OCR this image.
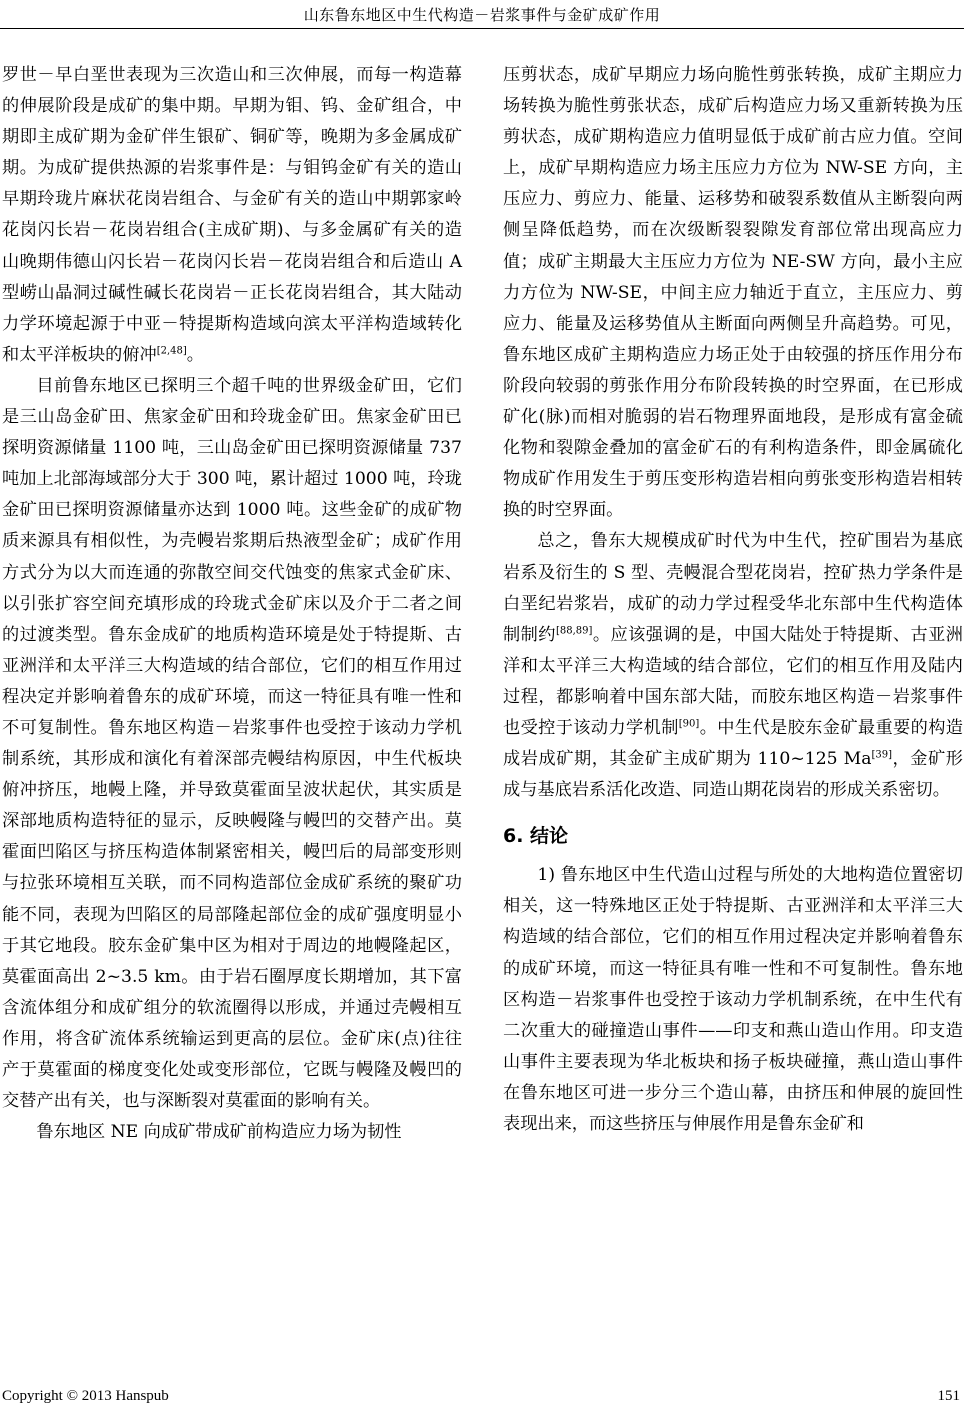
山东鲁东地区中生代构造－岩浆事件与金矿成矿作用

罗世－早白垩世表现为三次造山和三次伸展，而每一构造幕的伸展阶段是成矿的集中期。早期为钼、钨、金矿组合，中期即主成矿期为金矿伴生银矿、铜矿等，晚期为多金属成矿期。为成矿提供热源的岩浆事件是：与钼钨金矿有关的造山早期玲珑片麻状花岗岩组合、与金矿有关的造山中期郭家岭花岗闪长岩－花岗岩组合(主成矿期)、与多金属矿有关的造山晚期伟德山闪长岩－花岗闪长岩－花岗岩组合和后造山 A 型崂山晶洞过碱性碱长花岗岩－正长花岗岩组合，其大陆动力学环境起源于中亚－特提斯构造域向滨太平洋构造域转化和太平洋板块的俯冲[2,48]。

目前鲁东地区已探明三个超千吨的世界级金矿田，它们是三山岛金矿田、焦家金矿田和玲珑金矿田。焦家金矿田已探明资源储量 1100 吨，三山岛金矿田已探明资源储量 737 吨加上北部海域部分大于 300 吨，累计超过 1000 吨，玲珑金矿田已探明资源储量亦达到 1000 吨。这些金矿的成矿物质来源具有相似性，为壳幔岩浆期后热液型金矿；成矿作用方式分为以大而连通的弥散空间交代蚀变的焦家式金矿床、以引张扩容空间充填形成的玲珑式金矿床以及介于二者之间的过渡类型。鲁东金成矿的地质构造环境是处于特提斯、古亚洲洋和太平洋三大构造域的结合部位，它们的相互作用过程决定并影响着鲁东的成矿环境，而这一特征具有唯一性和不可复制性。鲁东地区构造－岩浆事件也受控于该动力学机制系统，其形成和演化有着深部壳幔结构原因，中生代板块俯冲挤压，地幔上隆，并导致莫霍面呈波状起伏，其实质是深部地质构造特征的显示，反映幔隆与幔凹的交替产出。莫霍面凹陷区与挤压构造体制紧密相关，幔凹后的局部变形则与拉张环境相互关联，而不同构造部位金成矿系统的聚矿功能不同，表现为凹陷区的局部隆起部位金的成矿强度明显小于其它地段。胶东金矿集中区为相对于周边的地幔隆起区，莫霍面高出 2~3.5 km。由于岩石圈厚度长期增加，其下富含流体组分和成矿组分的软流圈得以形成，并通过壳幔相互作用，将含矿流体系统输运到更高的层位。金矿床(点)往往产于莫霍面的梯度变化处或变形部位，它既与幔隆及幔凹的交替产出有关，也与深断裂对莫霍面的影响有关。

鲁东地区 NE 向成矿带成矿前构造应力场为韧性

压剪状态，成矿早期应力场向脆性剪张转换，成矿主期应力场转换为脆性剪张状态，成矿后构造应力场又重新转换为压剪状态，成矿期构造应力值明显低于成矿前古应力值。空间上，成矿早期构造应力场主压应力方位为 NW-SE 方向，主压应力、剪应力、能量、运移势和破裂系数值从主断裂向两侧呈降低趋势，而在次级断裂裂隙发育部位常出现高应力值；成矿主期最大主压应力方位为 NE-SW 方向，最小主应力方位为 NW-SE，中间主应力轴近于直立，主压应力、剪应力、能量及运移势值从主断面向两侧呈升高趋势。可见，鲁东地区成矿主期构造应力场正处于由较强的挤压作用分布阶段向较弱的剪张作用分布阶段转换的时空界面，在已形成矿化(脉)而相对脆弱的岩石物理界面地段，是形成有富金硫化物和裂隙金叠加的富金矿石的有利构造条件，即金属硫化物成矿作用发生于剪压变形构造岩相向剪张变形构造岩相转换的时空界面。

总之，鲁东大规模成矿时代为中生代，控矿围岩为基底岩系及衍生的 S 型、壳幔混合型花岗岩，控矿热力学条件是白垩纪岩浆岩，成矿的动力学过程受华北东部中生代构造体制制约[88,89]。应该强调的是，中国大陆处于特提斯、古亚洲洋和太平洋三大构造域的结合部位，它们的相互作用及陆内过程，都影响着中国东部大陆，而胶东地区构造－岩浆事件也受控于该动力学机制[90]。中生代是胶东金矿最重要的构造成岩成矿期，其金矿主成矿期为 110~125 Ma[39]，金矿形成与基底岩系活化改造、同造山期花岗岩的形成关系密切。

6. 结论

1) 鲁东地区中生代造山过程与所处的大地构造位置密切相关，这一特殊地区正处于特提斯、古亚洲洋和太平洋三大构造域的结合部位，它们的相互作用过程决定并影响着鲁东的成矿环境，而这一特征具有唯一性和不可复制性。鲁东地区构造－岩浆事件也受控于该动力学机制系统，在中生代有二次重大的碰撞造山事件——印支和燕山造山作用。印支造山事件主要表现为华北板块和扬子板块碰撞，燕山造山事件在鲁东地区可进一步分三个造山幕，由挤压和伸展的旋回性表现出来，而这些挤压与伸展作用是鲁东金矿和

Copyright © 2013 Hanspub	151
